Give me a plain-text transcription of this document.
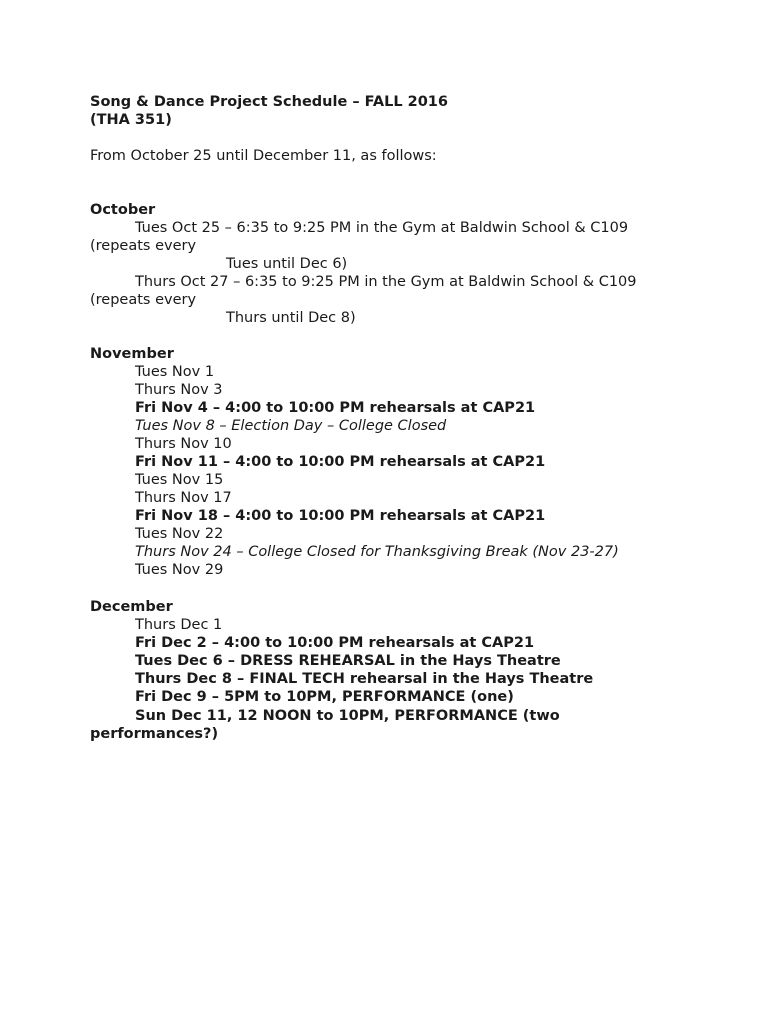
Song & Dance Project Schedule – FALL 2016
(THA 351)
From October 25 until December 11, as follows:
October
Tues Oct 25 – 6:35 to 9:25 PM in the Gym at Baldwin School & C109
(repeats every
Tues until Dec 6)
Thurs Oct 27 – 6:35 to 9:25 PM in the Gym at Baldwin School & C109
(repeats every
Thurs until Dec 8)
November
Tues Nov 1
Thurs Nov 3
Fri Nov 4 – 4:00 to 10:00 PM rehearsals at CAP21
Tues Nov 8 – Election Day – College Closed
Thurs Nov 10
Fri Nov 11 – 4:00 to 10:00 PM rehearsals at CAP21
Tues Nov 15
Thurs Nov 17
Fri Nov 18 – 4:00 to 10:00 PM rehearsals at CAP21
Tues Nov 22
Thurs Nov 24 – College Closed for Thanksgiving Break (Nov 23-27)
Tues Nov 29
December
Thurs Dec 1
Fri Dec 2 – 4:00 to 10:00 PM rehearsals at CAP21
Tues Dec 6 – DRESS REHEARSAL in the Hays Theatre
Thurs Dec 8 – FINAL TECH rehearsal in the Hays Theatre
Fri Dec 9 – 5PM to 10PM, PERFORMANCE (one)
Sun Dec 11, 12 NOON to 10PM, PERFORMANCE (two
performances?)
